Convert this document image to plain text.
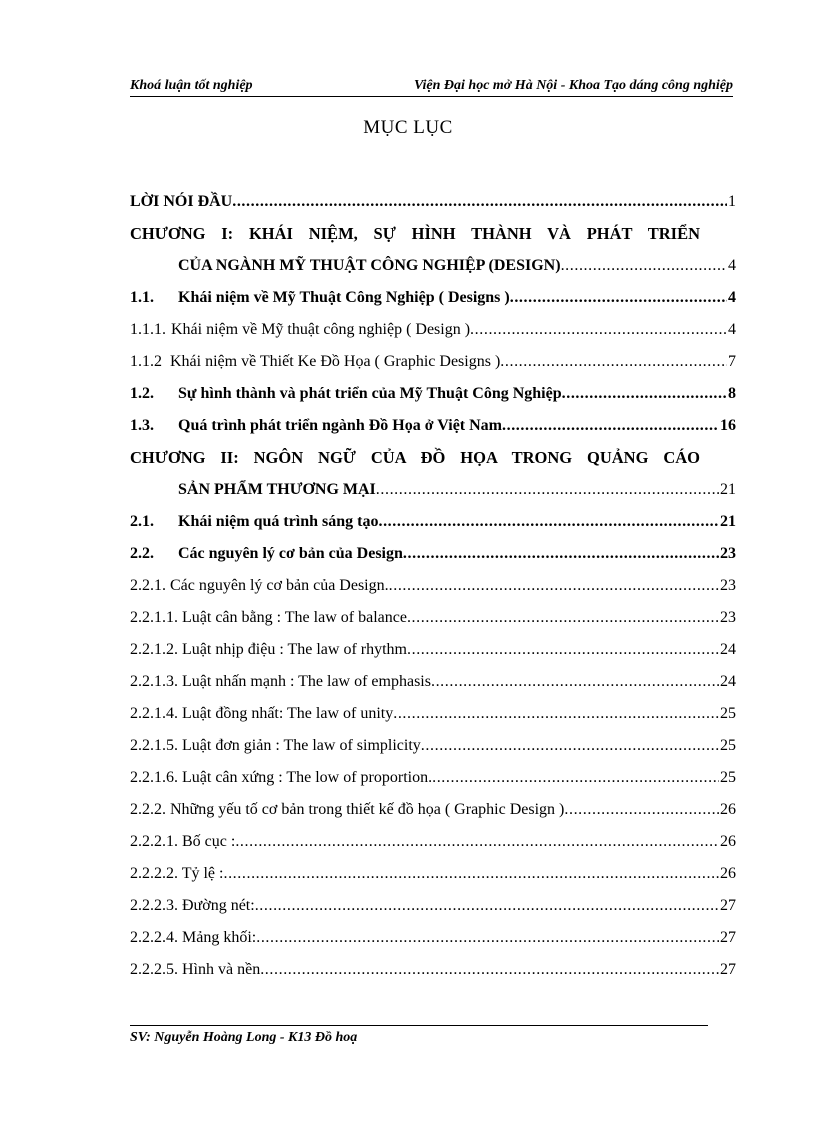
Khoá luận tốt nghiệp	Viện Đại học mở Hà Nội - Khoa Tạo dáng công nghiệp
MỤC LỤC
LỜI NÓI ĐẦU .....	1
CHƯƠNG I: KHÁI NIỆM, SỰ HÌNH THÀNH VÀ PHÁT TRIỂN
CỦA NGÀNH MỸ THUẬT CÔNG NGHIỆP (DESIGN) .....	4
1.1.	Khái niệm về Mỹ Thuật Công Nghiệp ( Designs ) .....	4
1.1.1. Khái niệm về Mỹ thuật công nghiệp ( Design ) .....	4
1.1.2 Khái niệm về Thiết Ke Đồ Họa ( Graphic Designs ) .....	7
1.2.	Sự hình thành và phát triển của Mỹ Thuật Công Nghiệp .....	8
1.3.	Quá trình phát triển ngành Đồ Họa ở Việt Nam .....	16
CHƯƠNG II: NGÔN NGỮ CỦA ĐỒ HỌA TRONG QUẢNG CÁO
SẢN PHẨM THƯƠNG MẠI .....	21
2.1.	Khái niệm quá trình sáng tạo .....	21
2.2.	Các nguyên lý cơ bản của Design .....	23
2.2.1. Các nguyên lý cơ bản của Design. .....	23
2.2.1.1. Luật cân bằng : The law of balance .....	23
2.2.1.2. Luật nhịp điệu : The law of rhythm .....	24
2.2.1.3. Luật nhấn mạnh : The law of emphasis .....	24
2.2.1.4. Luật đồng nhất: The law of unity .....	25
2.2.1.5. Luật đơn giản : The law of simplicity .....	25
2.2.1.6. Luật cân xứng : The low of proportion. .....	25
2.2.2. Những yếu tố cơ bản trong thiết kế đồ họa ( Graphic Design ) .....	26
2.2.2.1. Bố cục : .....	26
2.2.2.2. Tỷ lệ : .....	26
2.2.2.3. Đường nét: .....	27
2.2.2.4. Mảng khối: .....	27
2.2.2.5. Hình và nền .....	27
SV: Nguyễn Hoàng Long - K13 Đồ hoạ
